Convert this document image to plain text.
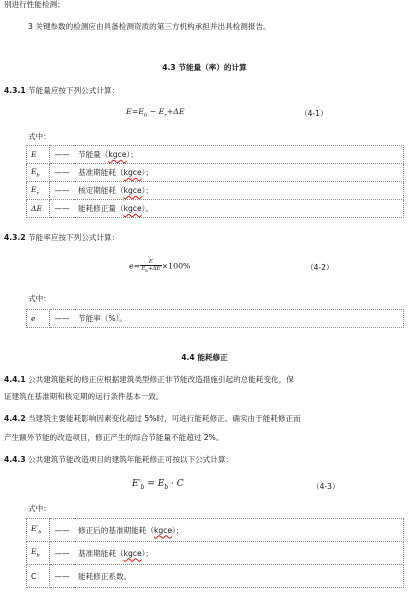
别进行性能检测；
3 关键参数的检测应由具备检测资质的第三方机构承担并出具检测报告。
4.3 节能量（率）的计算
4.3.1 节能量应按下列公式计算：
$E=E_b - E_r+\Delta E$	（4-1）
式中：
E	——	节能量（kgce）；
$E_b$	——	基准期能耗（kgce）；
$E_r$	——	核定期能耗（kgce）；
ΔE	——	能耗修正量（kgce）。
4.3.2 节能率应按下列公式计算：
$e= \frac{E}{E_b+\Delta E} \times 100\%$	（4-2）
式中：
e	——	节能率（%）。
4.4 能耗修正
4.4.1 公共建筑能耗的修正应根据建筑类型修正非节能改造措施引起的总能耗变化，保
证建筑在基准期和核定期的运行条件基本一致。
4.4.2 当建筑主要能耗影响因素变化超过 5%时，可进行能耗修正。确实由于能耗修正而
产生额外节能的改造项目，修正产生的综合节能量不能超过 2%。
4.4.3 公共建筑节能改造项目的建筑年能耗修正可按以下公式计算：
$E'_b = E_b \cdot C$	（4-3）
式中：
$E'_b$	——	修正后的基准期能耗（kgce）；
$E_b$	——	基准期能耗（kgce）；
C	——	能耗修正系数。
